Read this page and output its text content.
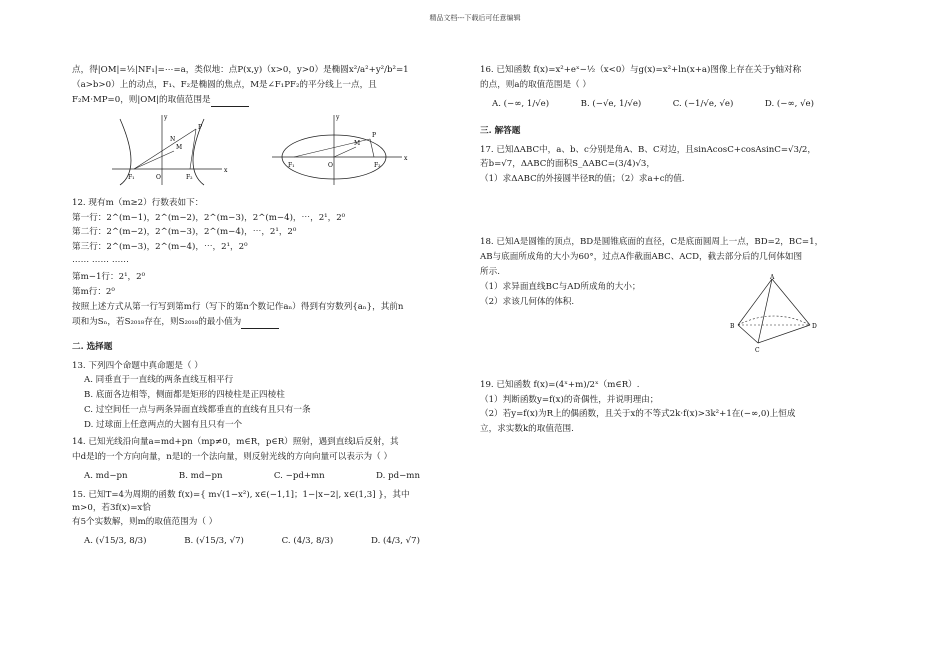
精品文档---下载后可任意编辑

点，得|OM|=½|NF₁|=⋯=a，类似地：点P(x,y)（x>0，y>0）是椭圆x²/a²+y²/b²=1

（a>b>0）上的动点，F₁、F₂是椭圆的焦点，M是∠F₁PF₂的平分线上一点，且

F₂M·MP=0，则|OM|的取值范围是

F₁	O	F₂
P
M
N
x
y
F₁	O	F₂
P
M
x
y

12. 现有m（m≥2）行数表如下：

第一行：2^(m−1)，2^(m−2)，2^(m−3)，2^(m−4)，⋯，2¹，2⁰

第二行：2^(m−2)，2^(m−3)，2^(m−4)，⋯，2¹，2⁰

第三行：2^(m−3)，2^(m−4)，⋯，2¹，2⁰

⋯⋯ ⋯⋯ ⋯⋯

第m−1行：2¹，2⁰

第m行：2⁰

按照上述方式从第一行写到第m行（写下的第n个数记作aₙ）得到有穷数列{aₙ}，其前n

项和为Sₙ，若S₂₀₁₈存在，则S₂₀₁₈的最小值为

二. 选择题

13. 下列四个命题中真命题是（ ）

A. 同垂直于一直线的两条直线互相平行

B. 底面各边相等，侧面都是矩形的四棱柱是正四棱柱

C. 过空间任一点与两条异面直线都垂直的直线有且只有一条

D. 过球面上任意两点的大圆有且只有一个

14. 已知光线沿向量a=md+pn（mp≠0，m∈R，p∈R）照射，遇到直线l后反射，其

中d是l的一个方向向量，n是l的一个法向量，则反射光线的方向向量可以表示为（ ）

A. md−pn	B. md−pn	C. −pd+mn	D. pd−mn

15. 已知T=4为周期的函数 f(x)={ m√(1−x²), x∈(−1,1]；1−|x−2|, x∈(1,3] }，其中m>0，若3f(x)=x恰

有5个实数解，则m的取值范围为（ ）

A. (√15/3, 8/3)	B. (√15/3, √7)	C. (4/3, 8/3)	D. (4/3, √7)

16. 已知函数 f(x)=x²+eˣ−½（x<0）与g(x)=x²+ln(x+a)图像上存在关于y轴对称

的点，则a的取值范围是（ ）

A. (−∞, 1/√e)	B. (−√e, 1/√e)	C. (−1/√e, √e)	D. (−∞, √e)
三. 解答题

17. 已知ΔABC中，a、b、c分别是角A、B、C对边，且sinAcosC+cosAsinC=√3/2，

若b=√7，ΔABC的面积S_ΔABC=(3/4)√3，

（1）求ΔABC的外接圆半径R的值；（2）求a+c的值.

18. 已知A是圆锥的顶点，BD是圆锥底面的直径，C是底面圆周上一点，BD=2，BC=1，

AB与底面所成角的大小为60°，过点A作截面ABC、ACD，截去部分后的几何体如图

所示.

（1）求异面直线BC与AD所成角的大小；

（2）求该几何体的体积.

A
B
C
D

19. 已知函数 f(x)=(4ˣ+m)/2ˣ（m∈R）.

（1）判断函数y=f(x)的奇偶性，并说明理由；

（2）若y=f(x)为R上的偶函数，且关于x的不等式2k·f(x)>3k²+1在(−∞,0)上恒成

立，求实数k的取值范围.
